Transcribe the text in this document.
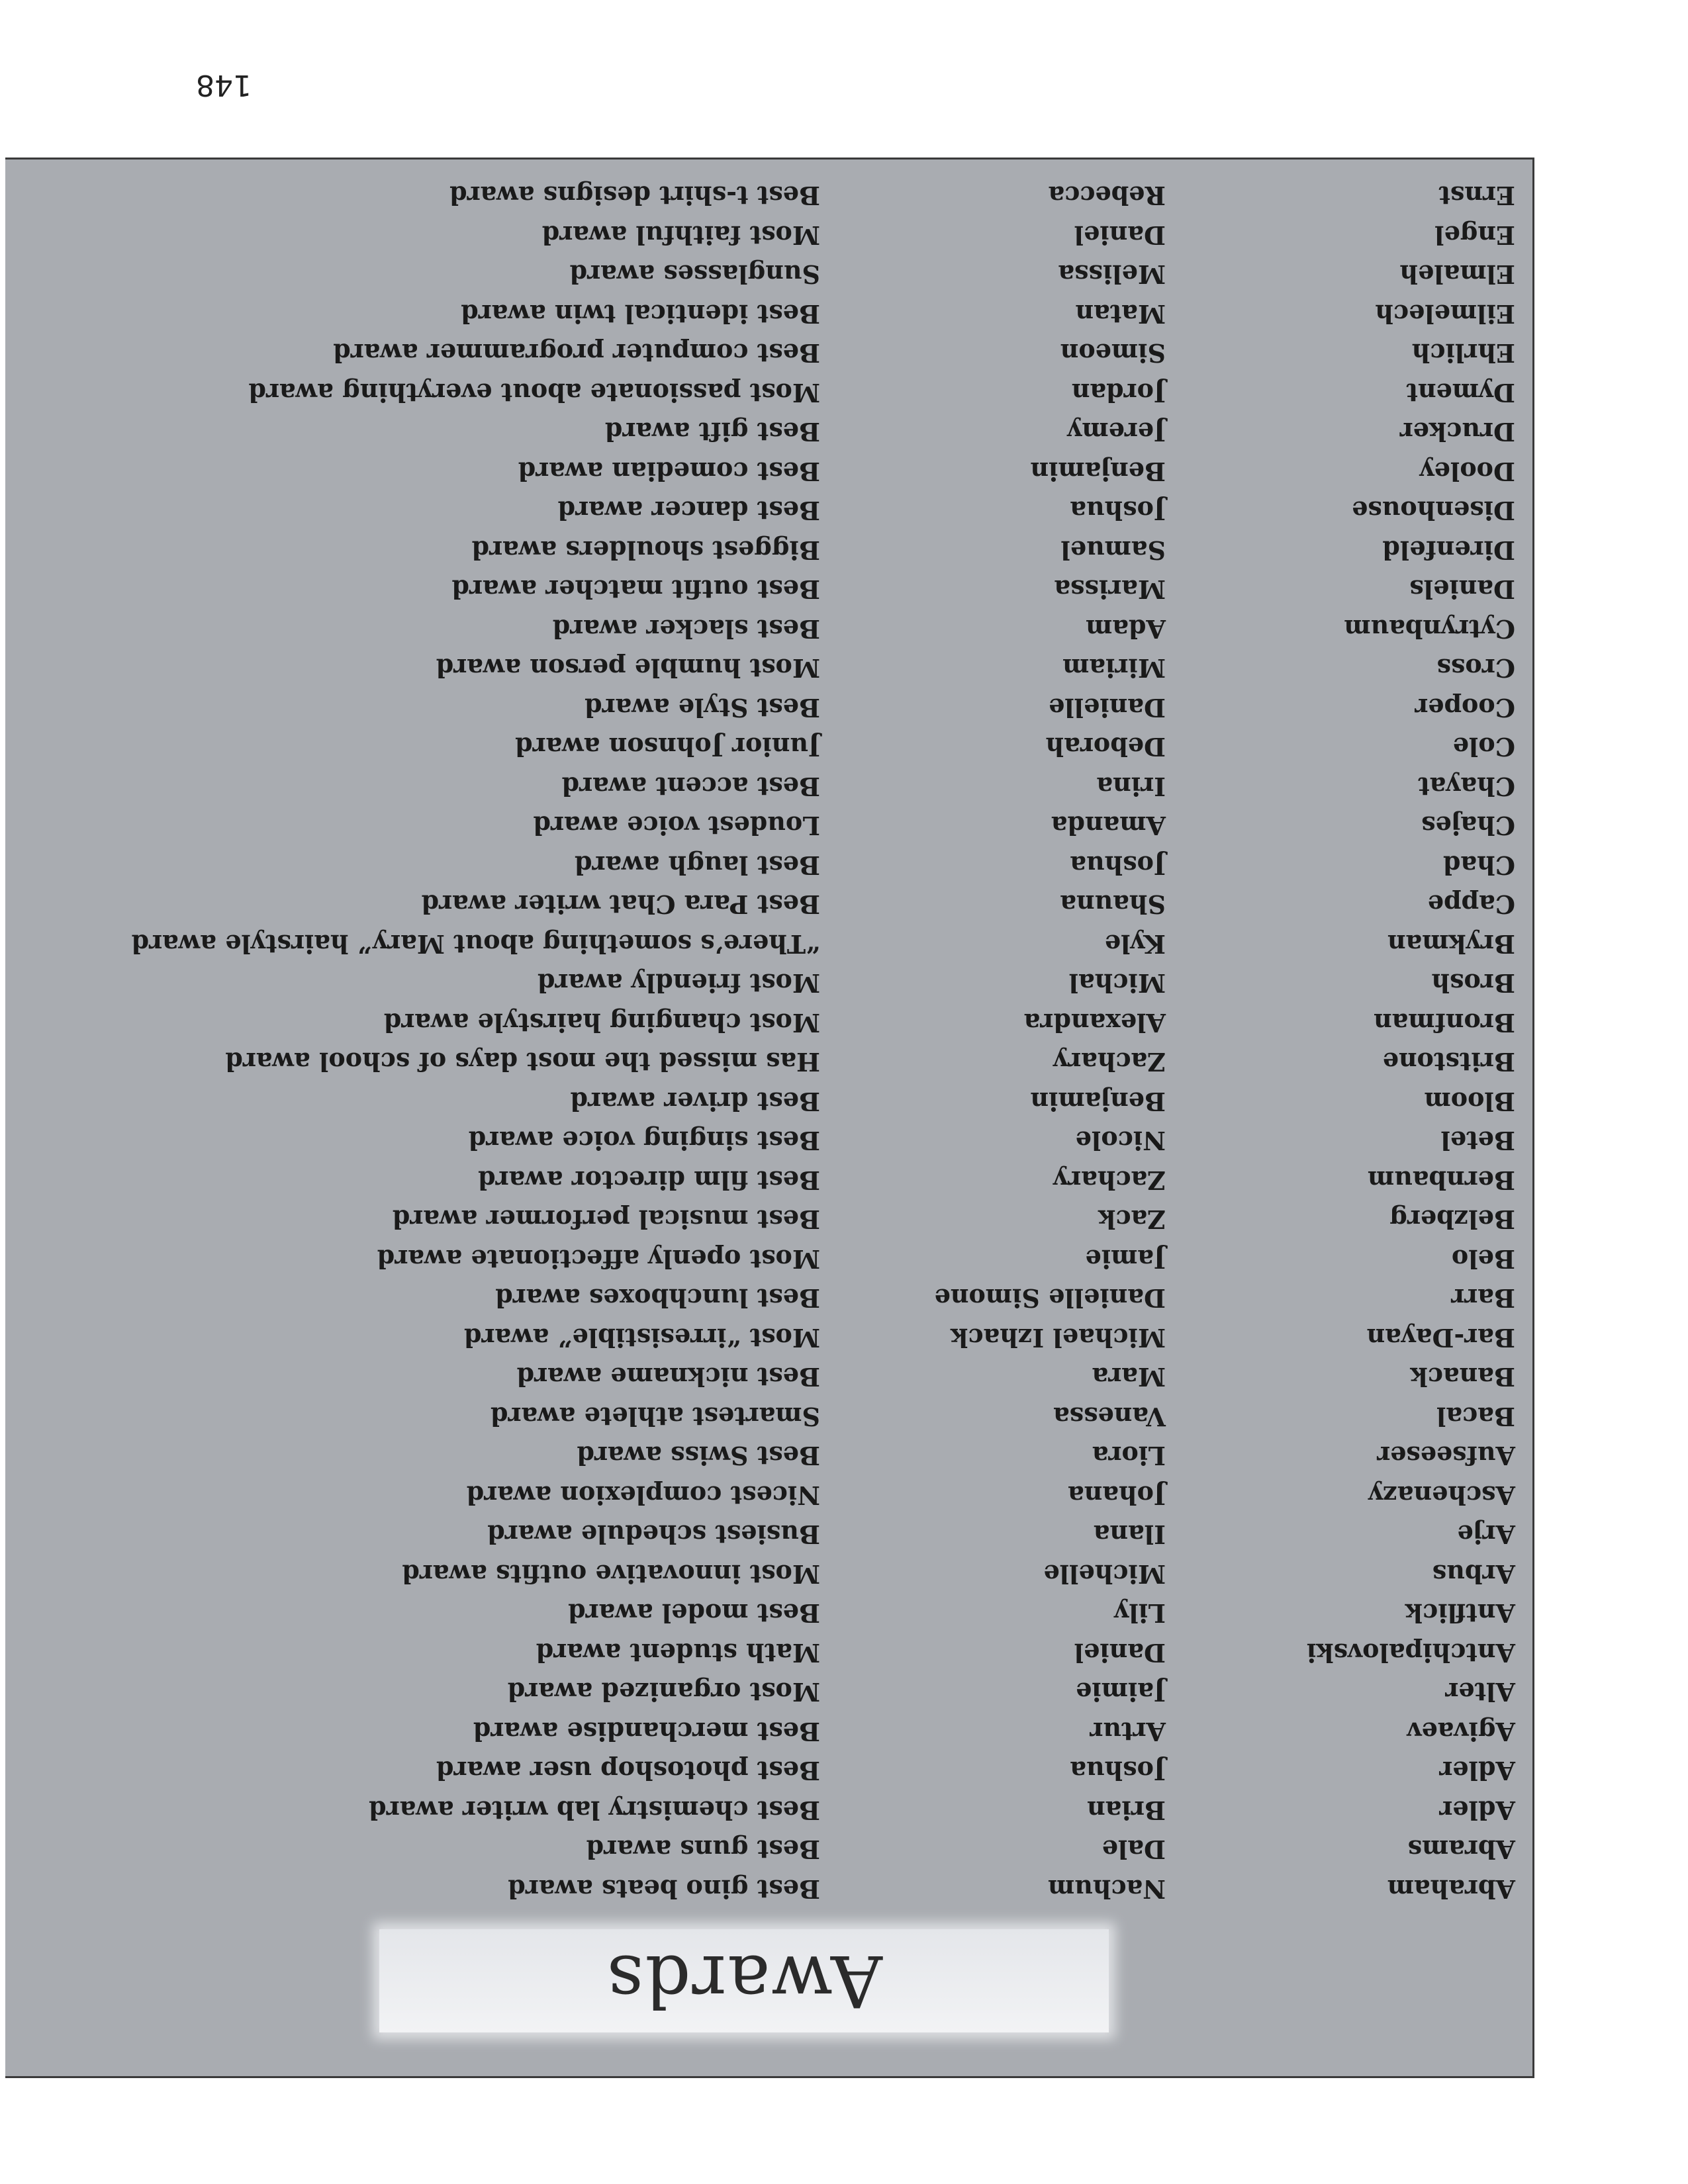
148
Awards
Abraham
Nachum
Best gino beats award
Abrams
Dale
Best guns award
Adler
Brian
Best chemistry lab writer award
Adler
Joshua
Best photoshop user award
Agivaev
Artur
Best merchandise award
Alter
Jaimie
Most organized award
Antchipalovski
Daniel
Math student award
Antflick
Lily
Best model award
Arbus
Michelle
Most innovative outfits award
Arje
Ilana
Busiest schedule award
Aschenazy
Johana
Nicest complexion award
Aufseeser
Liora
Best Swiss award
Bacal
Vanessa
Smartest athlete award
Banack
Mara
Best nickname award
Bar-Dayan
Michael Izhack
Most “irresistible” award
Barr
Danielle Simone
Best lunchboxes award
Belo
Jamie
Most openly affectionate award
Belzberg
Zack
Best musical performer award
Bernbaum
Zachary
Best film director award
Betel
Nicole
Best singing voice award
Bloom
Benjamin
Best driver award
Britstone
Zachary
Has missed the most days of school award
Bronfman
Alexandra
Most changing hairstyle award
Brosh
Michal
Most friendly award
Brykman
Kyle
“There’s something about Mary” hairstyle award
Cappe
Shauna
Best Para Chat writer award
Chad
Joshua
Best laugh award
Chajes
Amanda
Loudest voice award
Chayat
Irina
Best accent award
Cole
Deborah
Junior Johnson award
Cooper
Danielle
Best Style award
Cross
Miriam
Most humble person award
Cytrynbaum
Adam
Best slacker award
Daniels
Marissa
Best outfit matcher award
Direnfeld
Samuel
Biggest shoulders award
Disenhouse
Joshua
Best dancer award
Dooley
Benjamin
Best comedian award
Drucker
Jeremy
Best gift award
Dyment
Jordan
Most passionate about everything award
Ehrlich
Simeon
Best computer programmer award
Eilmelech
Matan
Best identical twin award
Elmaleh
Melissa
Sunglasses award
Engel
Daniel
Most faithful award
Ernst
Rebecca
Best t-shirt designs award
